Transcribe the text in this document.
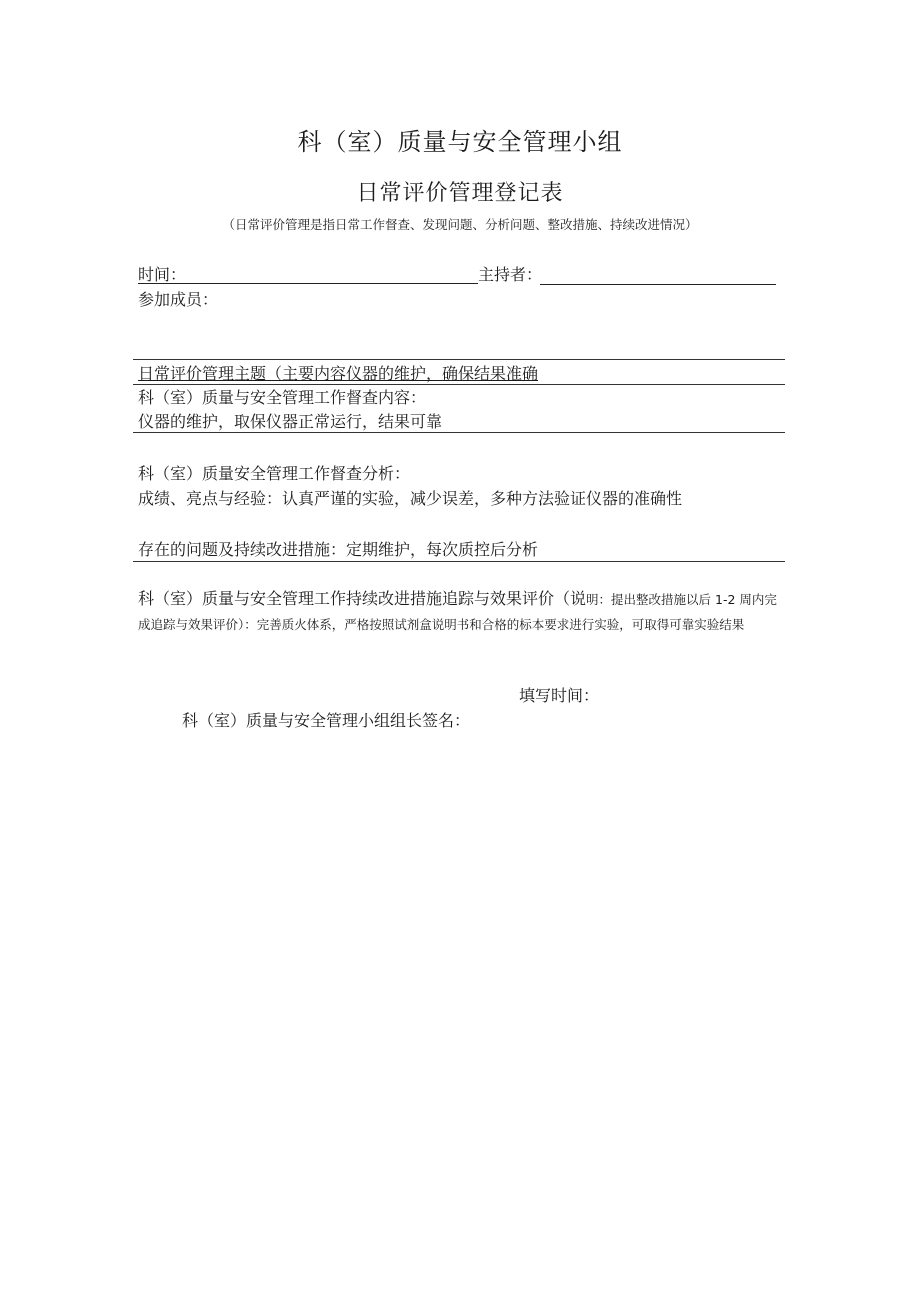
科（室）质量与安全管理小组
日常评价管理登记表
（日常评价管理是指日常工作督查、发现问题、分析问题、整改措施、持续改进情况）
时间：	主持者：
参加成员：
日常评价管理主题（主要内容仪器的维护，确保结果准确
科（室）质量与安全管理工作督查内容：
仪器的维护，取保仪器正常运行，结果可靠
科（室）质量安全管理工作督查分析：
成绩、亮点与经验：认真严谨的实验，减少误差，多种方法验证仪器的准确性
存在的问题及持续改进措施：定期维护，每次质控后分析
科（室）质量与安全管理工作持续改进措施追踪与效果评价（说明：提出整改措施以后 1-2 周内完成追踪与效果评价）：完善质火体系，严格按照试剂盒说明书和合格的标本要求进行实验，可取得可靠实验结果
填写时间：
科（室）质量与安全管理小组组长签名：
